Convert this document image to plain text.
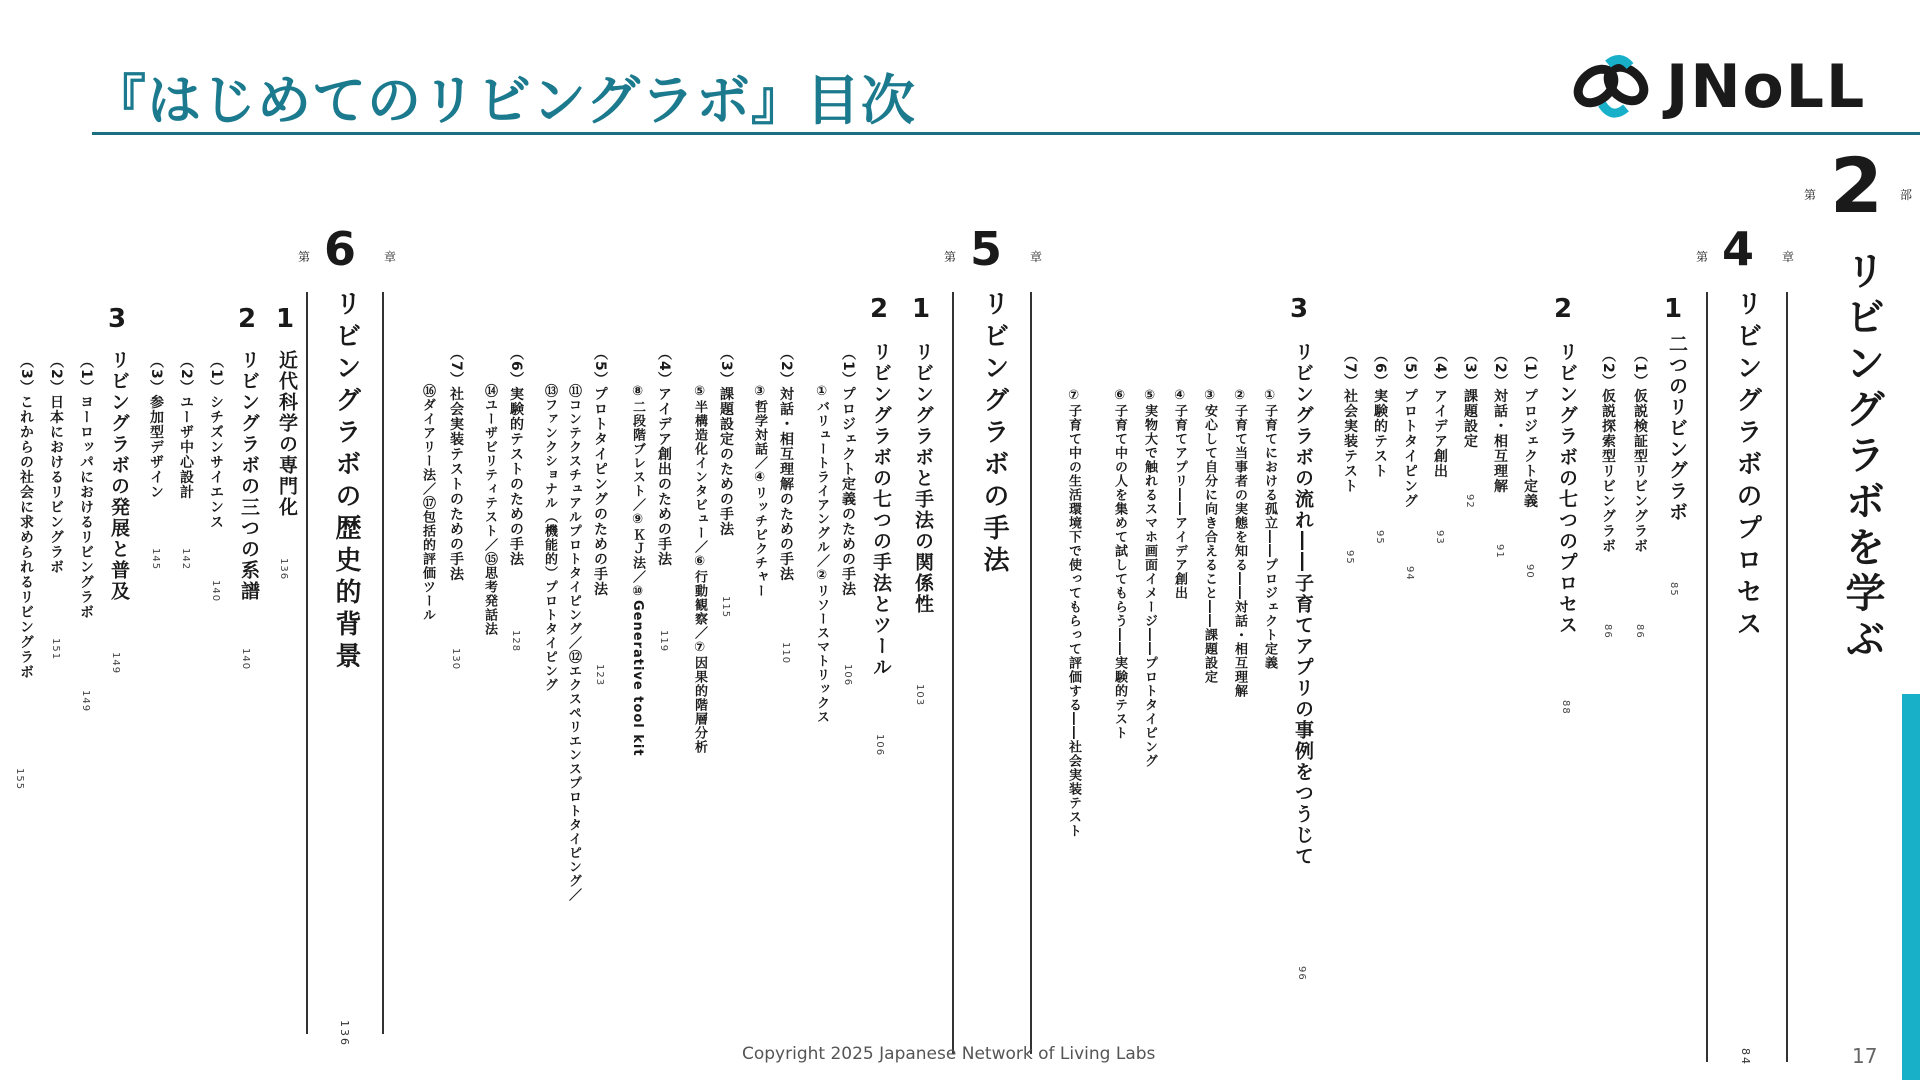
『はじめてのリビングラボ』目次	JNoLL
第 2 部
リビングラボを学ぶ
第 4 章
リビングラボのプロセス
84
1
二つのリビングラボ
85
（1）仮説検証型リビングラボ
86
（2）仮説探索型リビングラボ
86
2
リビングラボの七つのプロセス
88
（1）プロジェクト定義
90
（2）対話・相互理解
91
（3）課題設定
92
（4）アイデア創出
93
（5）プロトタイピング
94
（6）実験的テスト
95
（7）社会実装テスト
95
3
リビングラボの流れ――子育てアプリの事例をつうじて
96
①子育てにおける孤立――プロジェクト定義
②子育て当事者の実態を知る――対話・相互理解
③安心して自分に向き合えること――課題設定
④子育てアプリ――アイデア創出
⑤実物大で触れるスマホ画面イメージ――プロトタイピング
⑥子育て中の人を集めて試してもらう――実験的テスト
⑦子育て中の生活環境下で使ってもらって評価する――社会実装テスト
第 5 章
リビングラボの手法
1
リビングラボと手法の関係性
103
2
リビングラボの七つの手法とツール
106
（1）プロジェクト定義のための手法
106
①バリュートライアングル／②リソースマトリックス
（2）対話・相互理解のための手法
110
③哲学対話／④リッチピクチャー
（3）課題設定のための手法
115
⑤半構造化インタビュー／⑥行動観察／⑦因果的階層分析
（4）アイデア創出のための手法
119
⑧二段階ブレスト／⑨ＫＪ法／⑩Generative tool kit
（5）プロトタイピングのための手法
123
⑪コンテクスチュアルプロトタイピング／⑫エクスペリエンスプロトタイピング／
⑬ファンクショナル（機能的）プロトタイピング
（6）実験的テストのための手法
128
⑭ユーザビリティテスト／⑮思考発話法
（7）社会実装テストのための手法
130
⑯ダイアリー法／⑰包括的評価ツール
第 6 章
リビングラボの歴史的背景
136
1
近代科学の専門化
136
2
リビングラボの三つの系譜
140
（1）シチズンサイエンス
140
（2）ユーザ中心設計
142
（3）参加型デザイン
145
3
リビングラボの発展と普及
149
（1）ヨーロッパにおけるリビングラボ
149
（2）日本におけるリビングラボ
151
（3）これからの社会に求められるリビングラボ
155
Copyright 2025 Japanese Network of Living Labs	17
